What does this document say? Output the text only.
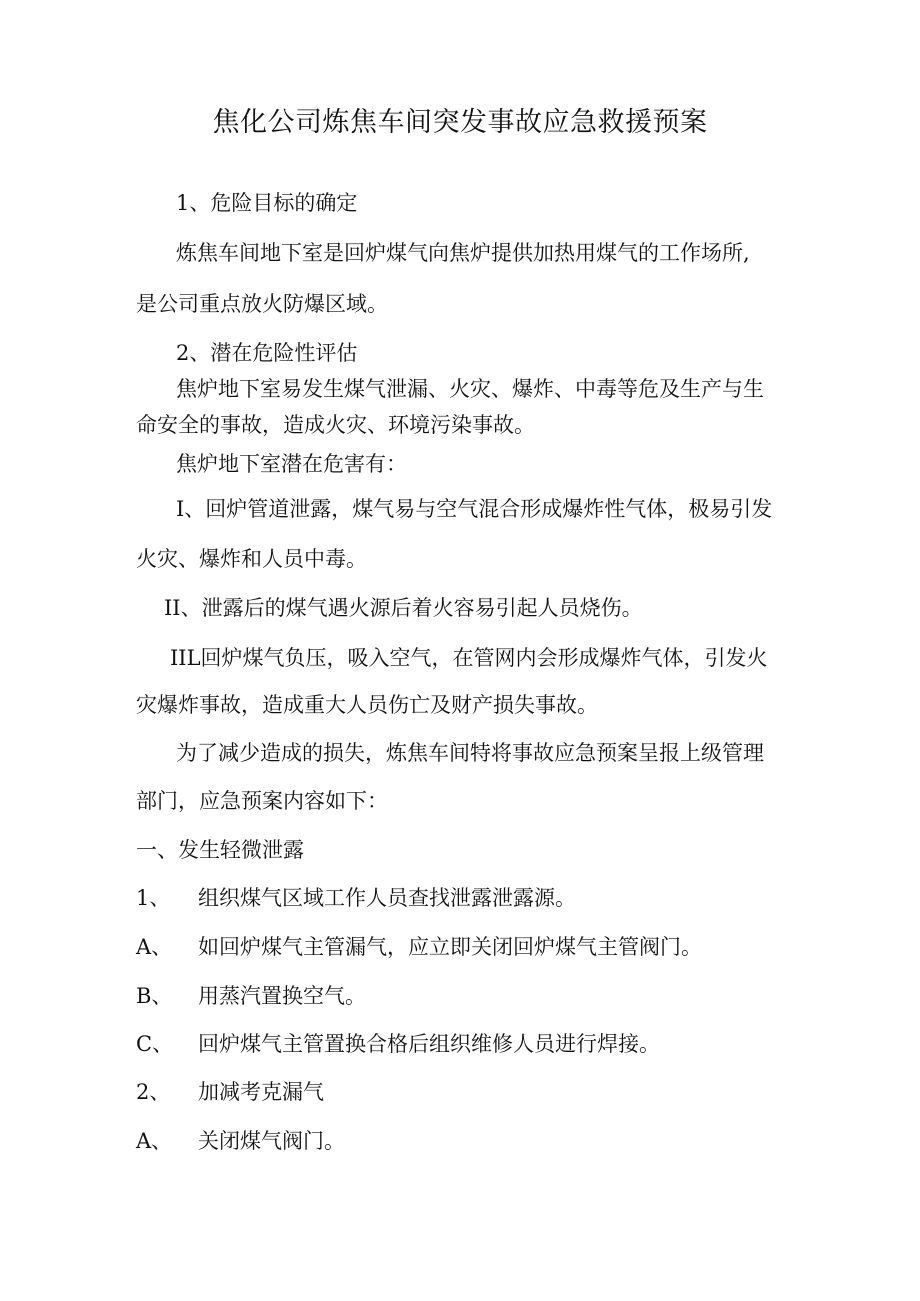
焦化公司炼焦车间突发事故应急救援预案

1、危险目标的确定

炼焦车间地下室是回炉煤气向焦炉提供加热用煤气的工作场所,

是公司重点放火防爆区域。

2、潜在危险性评估

焦炉地下室易发生煤气泄漏、火灾、爆炸、中毒等危及生产与生

命安全的事故，造成火灾、环境污染事故。

焦炉地下室潜在危害有：

I、回炉管道泄露，煤气易与空气混合形成爆炸性气体，极易引发

火灾、爆炸和人员中毒。

II、泄露后的煤气遇火源后着火容易引起人员烧伤。

IIL回炉煤气负压，吸入空气，在管网内会形成爆炸气体，引发火

灾爆炸事故，造成重大人员伤亡及财产损失事故。

为了减少造成的损失，炼焦车间特将事故应急预案呈报上级管理

部门，应急预案内容如下：

一、发生轻微泄露

1、 组织煤气区域工作人员查找泄露泄露源。

A、 如回炉煤气主管漏气，应立即关闭回炉煤气主管阀门。

B、 用蒸汽置换空气。

C、 回炉煤气主管置换合格后组织维修人员进行焊接。

2、 加减考克漏气

A、 关闭煤气阀门。
